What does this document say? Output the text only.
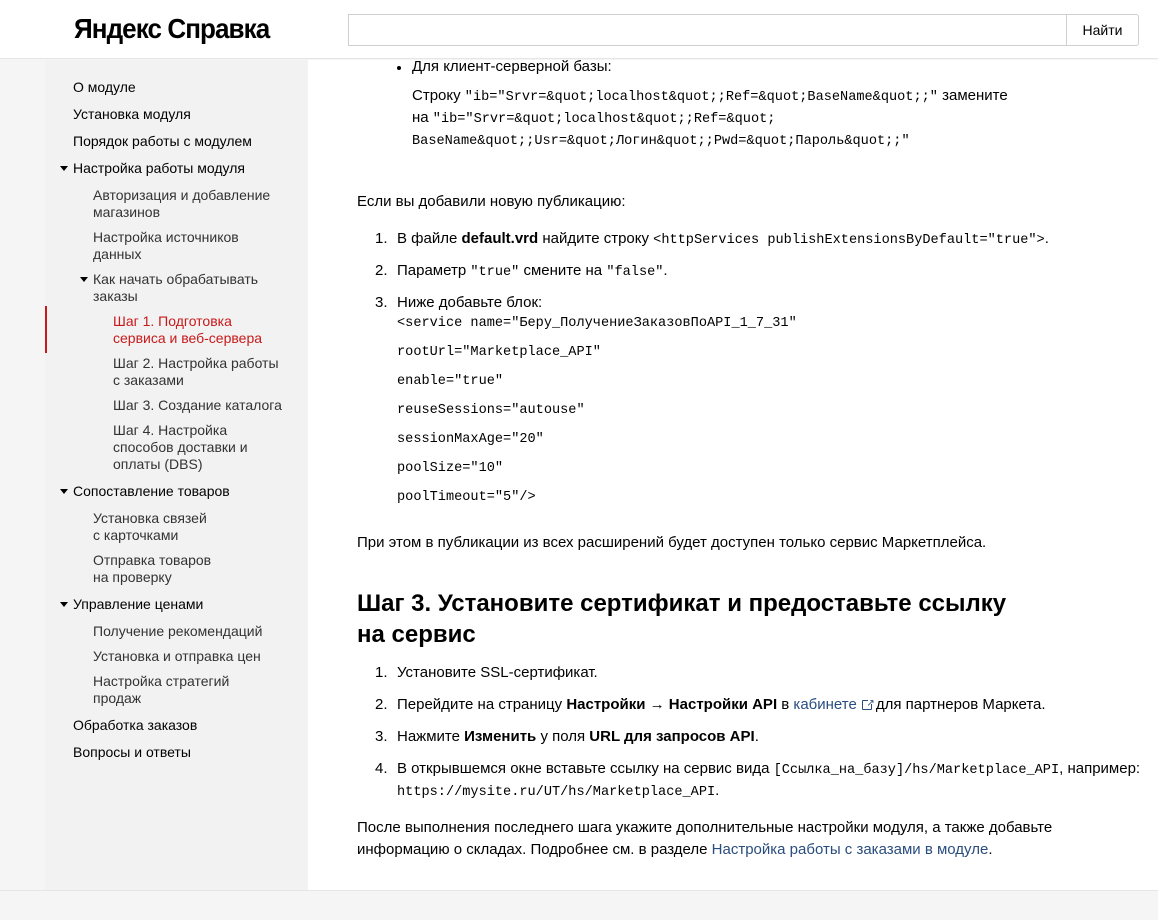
Яндекс Справка	Найти
О модуле
Установка модуля
Порядок работы с модулем
Настройка работы модуля
Авторизация и добавление
магазинов
Настройка источников
данных
Как начать обрабатывать
заказы
Шаг 1. Подготовка
сервиса и веб-сервера
Шаг 2. Настройка работы
с заказами
Шаг 3. Создание каталога
Шаг 4. Настройка
способов доставки и
оплаты (DBS)
Сопоставление товаров
Установка связей
с карточками
Отправка товаров
на проверку
Управление ценами
Получение рекомендаций
Установка и отправка цен
Настройка стратегий
продаж
Обработка заказов
Вопросы и ответы
Для клиент-серверной базы:
Строку "ib="Srvr=&quot;localhost&quot;;Ref=&quot;BaseName&quot;;" замените
на "ib="Srvr=&quot;localhost&quot;;Ref=&quot;
BaseName&quot;;Usr=&quot;Логин&quot;;Pwd=&quot;Пароль&quot;;"
Если вы добавили новую публикацию:
1. В файле default.vrd найдите строку <httpServices publishExtensionsByDefault="true">.
2. Параметр "true" смените на "false".
3. Ниже добавьте блок:
<service name="Беру_ПолучениеЗаказовПоAPI_1_7_31"
rootUrl="Marketplace_API"
enable="true"
reuseSessions="autouse"
sessionMaxAge="20"
poolSize="10"
poolTimeout="5"/>
При этом в публикации из всех расширений будет доступен только сервис Маркетплейса.
Шаг 3. Установите сертификат и предоставьте ссылку
на сервис
1. Установите SSL-сертификат.
2. Перейдите на страницу Настройки → Настройки API в кабинете↗ для партнеров Маркета.
3. Нажмите Изменить у поля URL для запросов API.
4. В открывшемся окне вставьте ссылку на сервис вида [Ссылка_на_базу]/hs/Marketplace_API, например:
https://mysite.ru/UT/hs/Marketplace_API.
После выполнения последнего шага укажите дополнительные настройки модуля, а также добавьте
информацию о складах. Подробнее см. в разделе Настройка работы с заказами в модуле.
